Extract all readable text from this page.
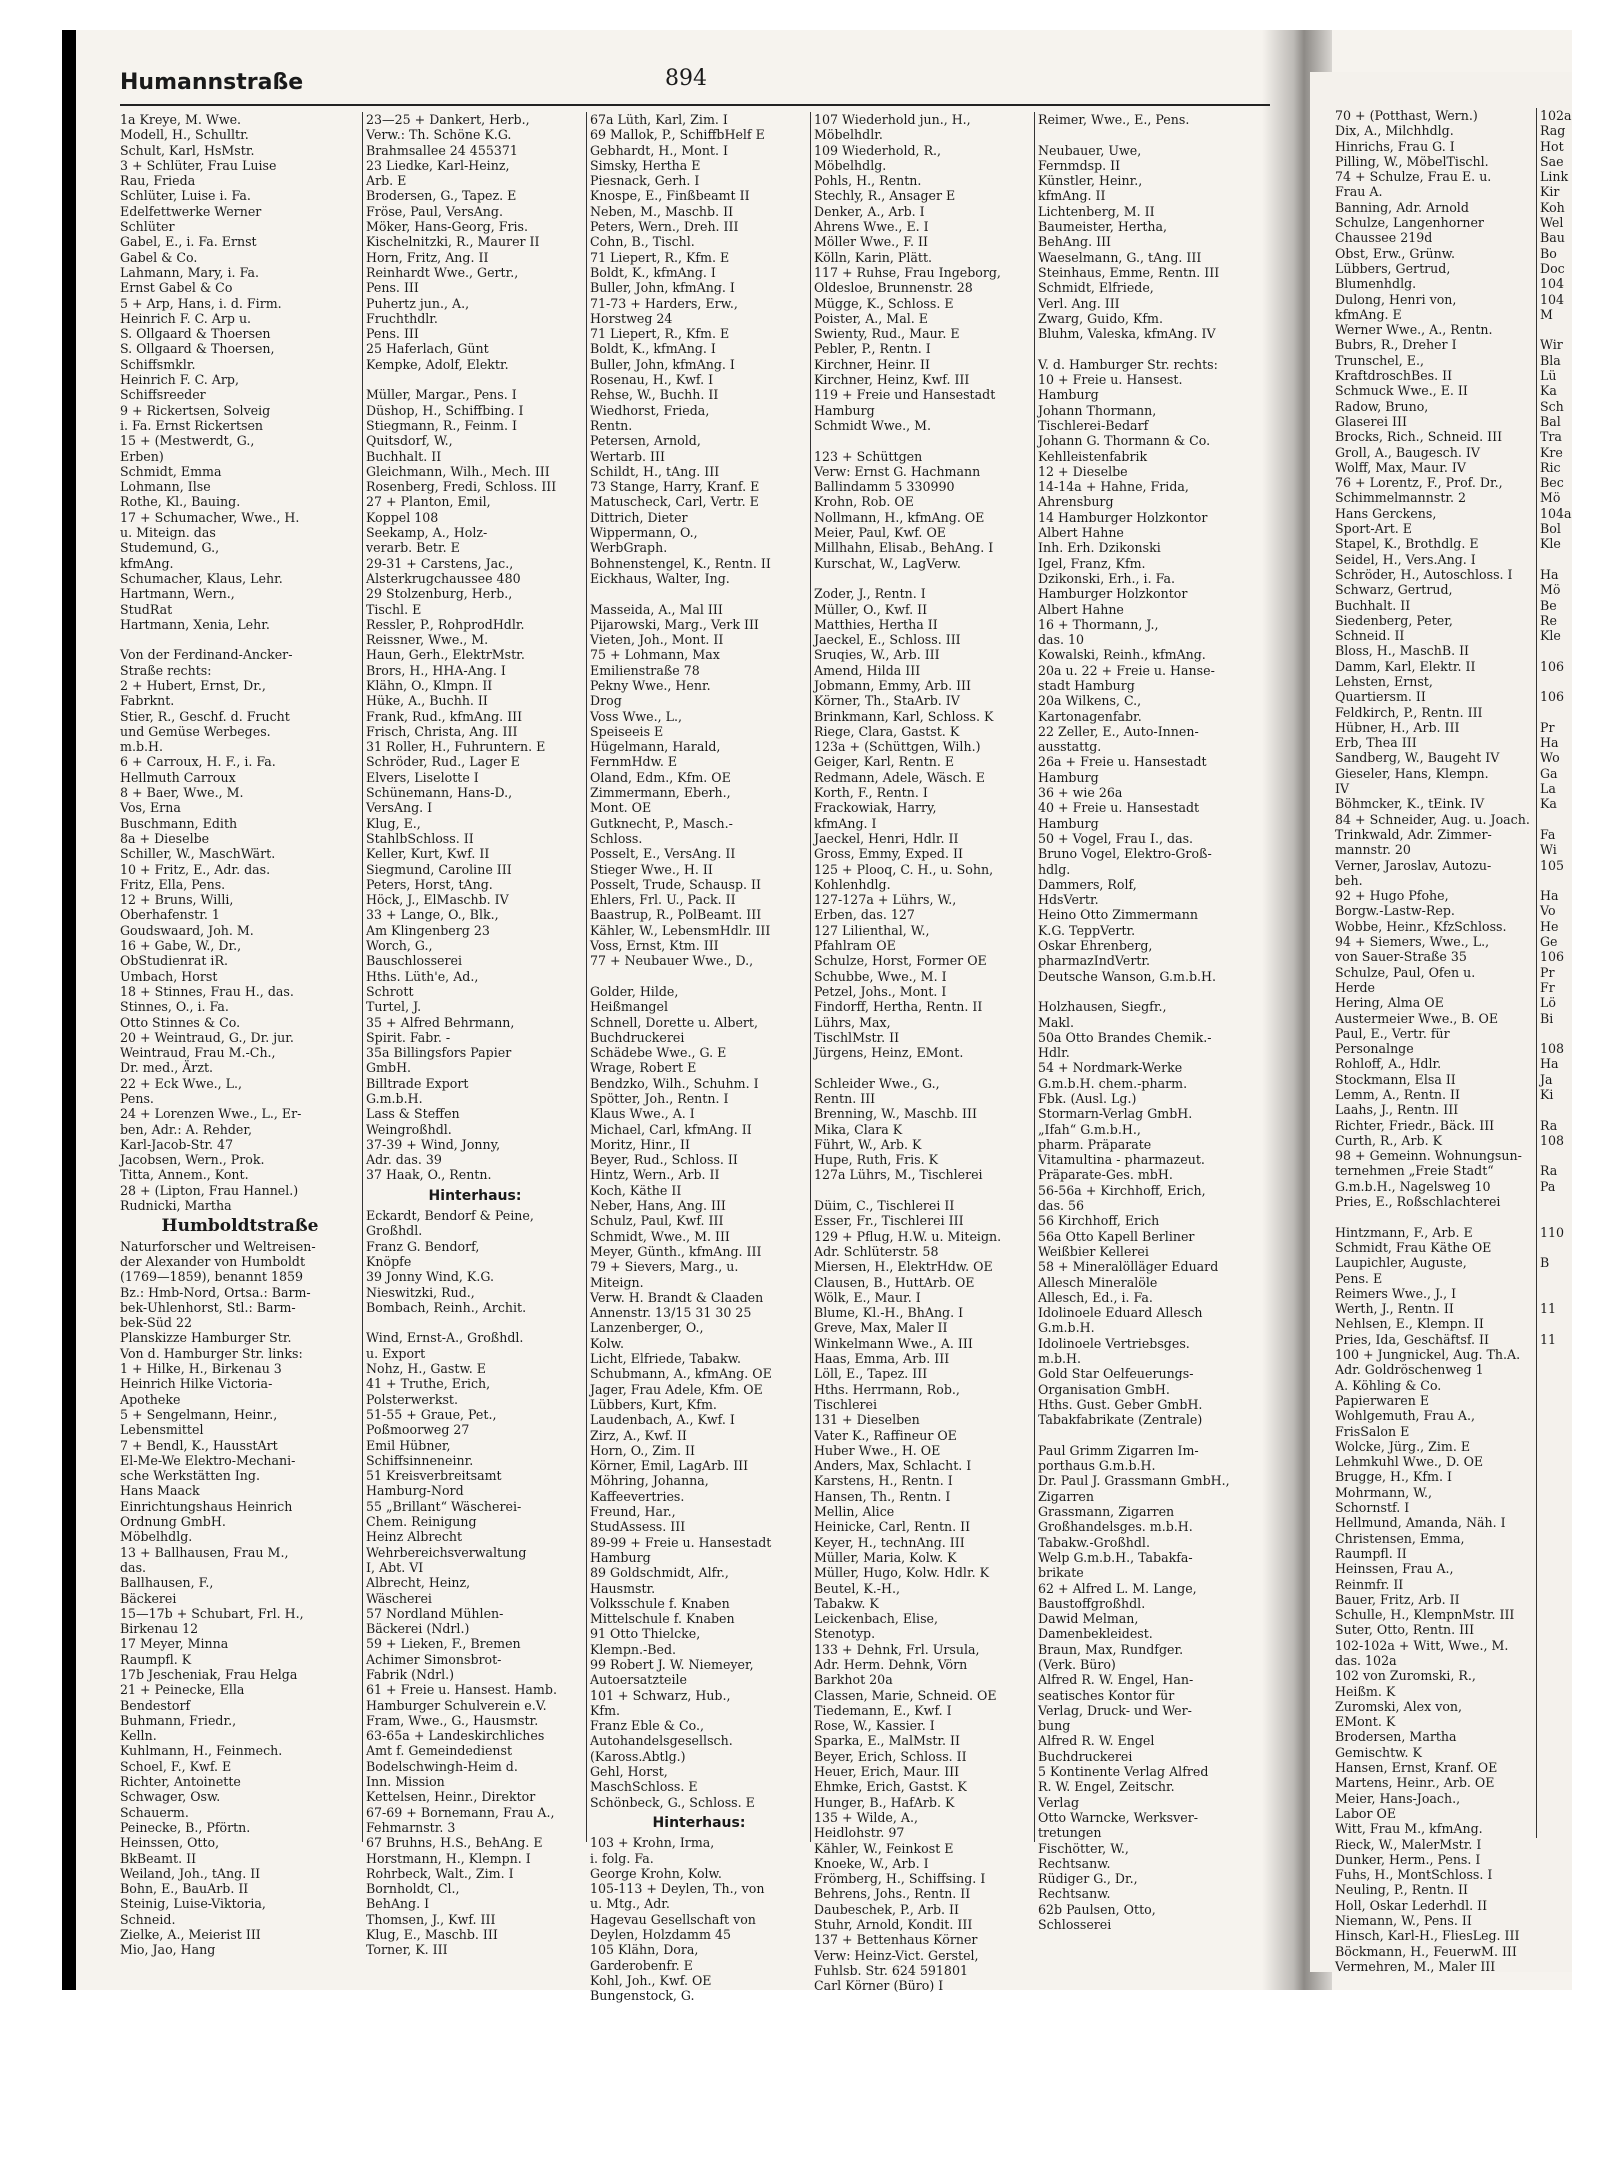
Humannstraße	894
1a Kreye, M. Wwe.
Modell, H., Schulltr.
Schult, Karl, HsMstr.
3 + Schlüter, Frau Luise
Rau, Frieda
Schlüter, Luise i. Fa.
Edelfettwerke Werner
Schlüter
Gabel, E., i. Fa. Ernst
Gabel & Co.
Lahmann, Mary, i. Fa.
Ernst Gabel & Co
5 + Arp, Hans, i. d. Firm.
Heinrich F. C. Arp u.
S. Ollgaard & Thoersen
S. Ollgaard & Thoersen,
Schiffsmklr.
Heinrich F. C. Arp,
Schiffsreeder
9 + Rickertsen, Solveig
i. Fa. Ernst Rickertsen
15 + (Mestwerdt, G.,
Erben)
Schmidt, Emma
Lohmann, Ilse
Rothe, Kl., Bauing.
17 + Schumacher, Wwe., H.
u. Miteign. das
Studemund, G.,
kfmAng.
Schumacher, Klaus, Lehr.
Hartmann, Wern.,
StudRat
Hartmann, Xenia, Lehr.

Von der Ferdinand-Ancker-
Straße rechts:
2 + Hubert, Ernst, Dr.,
Fabrknt.
Stier, R., Geschf. d. Frucht
und Gemüse Werbeges.
m.b.H.
6 + Carroux, H. F., i. Fa.
Hellmuth Carroux
8 + Baer, Wwe., M.
Vos, Erna
Buschmann, Edith
8a + Dieselbe
Schiller, W., MaschWärt.
10 + Fritz, E., Adr. das.
Fritz, Ella, Pens.
12 + Bruns, Willi,
Oberhafenstr. 1
Goudswaard, Joh. M.
16 + Gabe, W., Dr.,
ObStudienrat iR.
Umbach, Horst
18 + Stinnes, Frau H., das.
Stinnes, O., i. Fa.
Otto Stinnes & Co.
20 + Weintraud, G., Dr. jur.
Weintraud, Frau M.-Ch.,
Dr. med., Ärzt.
22 + Eck Wwe., L.,
Pens.
24 + Lorenzen Wwe., L., Er-
ben, Adr.: A. Rehder,
Karl-Jacob-Str. 47
Jacobsen, Wern., Prok.
Titta, Annem., Kont.
28 + (Lipton, Frau Hannel.)
Rudnicki, Martha
Humboldtstraße
Naturforscher und Weltreisen-
der Alexander von Humboldt
(1769—1859), benannt 1859
Bz.: Hmb-Nord, Ortsa.: Barm-
bek-Uhlenhorst, Stl.: Barm-
bek-Süd 22
Planskizze Hamburger Str.
Von d. Hamburger Str. links:
1 + Hilke, H., Birkenau 3
Heinrich Hilke Victoria-
Apotheke
5 + Sengelmann, Heinr.,
Lebensmittel
7 + Bendl, K., HausstArt
El-Me-We Elektro-Mechani-
sche Werkstätten Ing.
Hans Maack
Einrichtungshaus Heinrich
Ordnung GmbH.
Möbelhdlg.
13 + Ballhausen, Frau M.,
das.
Ballhausen, F.,
Bäckerei
15—17b + Schubart, Frl. H.,
Birkenau 12
17 Meyer, Minna
Raumpfl. K
17b Jescheniak, Frau Helga
21 + Peinecke, Ella
Bendestorf
Buhmann, Friedr.,
Kelln.
Kuhlmann, H., Feinmech.
Schoel, F., Kwf. E
Richter, Antoinette
Schwager, Osw.
Schauerm.
Peinecke, B., Pförtn.
Heinssen, Otto,
BkBeamt. II
Weiland, Joh., tAng. II
Bohn, E., BauArb. II
Steinig, Luise-Viktoria,
Schneid.
Zielke, A., Meierist III
Mio, Jao, Hang
23—25 + Dankert, Herb.,
Verw.: Th. Schöne K.G.
Brahmsallee 24 455371
23 Liedke, Karl-Heinz,
Arb. E
Brodersen, G., Tapez. E
Fröse, Paul, VersAng.
Möker, Hans-Georg, Fris.
Kischelnitzki, R., Maurer II
Horn, Fritz, Ang. II
Reinhardt Wwe., Gertr.,
Pens. III
Puhertz jun., A.,
Fruchthdlr.
Pens. III
25 Haferlach, Günt
Kempke, Adolf, Elektr.

Müller, Margar., Pens. I
Düshop, H., Schiffbing. I
Stiegmann, R., Feinm. I
Quitsdorf, W.,
Buchhalt. II
Gleichmann, Wilh., Mech. III
Rosenberg, Fredi, Schloss. III
27 + Planton, Emil,
Koppel 108
Seekamp, A., Holz-
verarb. Betr. E
29-31 + Carstens, Jac.,
Alsterkrugchaussee 480
29 Stolzenburg, Herb.,
Tischl. E
Ressler, P., RohprodHdlr.
Reissner, Wwe., M.
Haun, Gerh., ElektrMstr.
Brors, H., HHA-Ang. I
Klähn, O., Klmpn. II
Hüke, A., Buchh. II
Frank, Rud., kfmAng. III
Frisch, Christa, Ang. III
31 Roller, H., Fuhruntern. E
Schröder, Rud., Lager E
Elvers, Liselotte I
Schünemann, Hans-D.,
VersAng. I
Klug, E.,
StahlbSchloss. II
Keller, Kurt, Kwf. II
Siegmund, Caroline III
Peters, Horst, tAng.
Höck, J., ElMaschb. IV
33 + Lange, O., Blk.,
Am Klingenberg 23
Worch, G.,
Bauschlosserei
Hths. Lüth'e, Ad.,
Schrott
Turtel, J.
35 + Alfred Behrmann,
Spirit. Fabr. -
35a Billingsfors Papier
GmbH.
Billtrade Export
G.m.b.H.
Lass & Steffen
Weingroßhdl.
37-39 + Wind, Jonny,
Adr. das. 39
37 Haak, O., Rentn.
Hinterhaus:
Eckardt, Bendorf & Peine,
Großhdl.
Franz G. Bendorf,
Knöpfe
39 Jonny Wind, K.G.
Nieswitzki, Rud.,
Bombach, Reinh., Archit.

Wind, Ernst-A., Großhdl.
u. Export
Nohz, H., Gastw. E
41 + Truthe, Erich,
Polsterwerkst.
51-55 + Graue, Pet.,
Poßmoorweg 27
Emil Hübner,
Schiffsinneneinr.
51 Kreisverbreitsamt
Hamburg-Nord
55 „Brillant“ Wäscherei-
Chem. Reinigung
Heinz Albrecht
Wehrbereichsverwaltung
I, Abt. VI
Albrecht, Heinz,
Wäscherei
57 Nordland Mühlen-
Bäckerei (Ndrl.)
59 + Lieken, F., Bremen
Achimer Simonsbrot-
Fabrik (Ndrl.)
61 + Freie u. Hansest. Hamb.
Hamburger Schulverein e.V.
Fram, Wwe., G., Hausmstr.
63-65a + Landeskirchliches
Amt f. Gemeindedienst
Bodelschwingh-Heim d.
Inn. Mission
Kettelsen, Heinr., Direktor
67-69 + Bornemann, Frau A.,
Fehmarnstr. 3
67 Bruhns, H.S., BehAng. E
Horstmann, H., Klempn. I
Rohrbeck, Walt., Zim. I
Bornholdt, Cl.,
BehAng. I
Thomsen, J., Kwf. III
Klug, E., Maschb. III
Torner, K. III
67a Lüth, Karl, Zim. I
69 Mallok, P., SchiffbHelf E
Gebhardt, H., Mont. I
Simsky, Hertha E
Piesnack, Gerh. I
Knospe, E., Finßbeamt II
Neben, M., Maschb. II
Peters, Wern., Dreh. III
Cohn, B., Tischl.
71 Liepert, R., Kfm. E
Boldt, K., kfmAng. I
Buller, John, kfmAng. I
71-73 + Harders, Erw.,
Horstweg 24
71 Liepert, R., Kfm. E
Boldt, K., kfmAng. I
Buller, John, kfmAng. I
Rosenau, H., Kwf. I
Rehse, W., Buchh. II
Wiedhorst, Frieda,
Rentn.
Petersen, Arnold,
Wertarb. III
Schildt, H., tAng. III
73 Stange, Harry, Kranf. E
Matuscheck, Carl, Vertr. E
Dittrich, Dieter
Wippermann, O.,
WerbGraph.
Bohnenstengel, K., Rentn. II
Eickhaus, Walter, Ing.

Masseida, A., Mal III
Pijarowski, Marg., Verk III
Vieten, Joh., Mont. II
75 + Lohmann, Max
Emilienstraße 78
Pekny Wwe., Henr.
Drog
Voss Wwe., L.,
Speiseeis E
Hügelmann, Harald,
FernmHdw. E
Oland, Edm., Kfm. OE
Zimmermann, Eberh.,
Mont. OE
Gutknecht, P., Masch.-
Schloss.
Posselt, E., VersAng. II
Stieger Wwe., H. II
Posselt, Trude, Schausp. II
Ehlers, Frl. U., Pack. II
Baastrup, R., PolBeamt. III
Kähler, W., LebensmHdlr. III
Voss, Ernst, Ktm. III
77 + Neubauer Wwe., D.,

Golder, Hilde,
Heißmangel
Schnell, Dorette u. Albert,
Buchdruckerei
Schädebe Wwe., G. E
Wrage, Robert E
Bendzko, Wilh., Schuhm. I
Spötter, Joh., Rentn. I
Klaus Wwe., A. I
Michael, Carl, kfmAng. II
Moritz, Hinr., II
Beyer, Rud., Schloss. II
Hintz, Wern., Arb. II
Koch, Käthe II
Neber, Hans, Ang. III
Schulz, Paul, Kwf. III
Schmidt, Wwe., M. III
Meyer, Günth., kfmAng. III
79 + Sievers, Marg., u.
Miteign.
Verw. H. Brandt & Claaden
Annenstr. 13/15 31 30 25
Lanzenberger, O.,
Kolw.
Licht, Elfriede, Tabakw.
Schubmann, A., kfmAng. OE
Jager, Frau Adele, Kfm. OE
Lübbers, Kurt, Kfm.
Laudenbach, A., Kwf. I
Zirz, A., Kwf. II
Horn, O., Zim. II
Körner, Emil, LagArb. III
Möhring, Johanna,
Kaffeevertries.
Freund, Har.,
StudAssess. III
89-99 + Freie u. Hansestadt
Hamburg
89 Goldschmidt, Alfr.,
Hausmstr.
Volksschule f. Knaben
Mittelschule f. Knaben
91 Otto Thielcke,
Klempn.-Bed.
99 Robert J. W. Niemeyer,
Autoersatzteile
101 + Schwarz, Hub.,
Kfm.
Franz Eble & Co.,
Autohandelsgesellsch.
(Kaross.Abtlg.)
Gehl, Horst,
MaschSchloss. E
Schönbeck, G., Schloss. E
Hinterhaus:
103 + Krohn, Irma,
i. folg. Fa.
George Krohn, Kolw.
105-113 + Deylen, Th., von
u. Mtg., Adr.
Hagevau Gesellschaft von
Deylen, Holzdamm 45
105 Klähn, Dora,
Garderobenfr. E
Kohl, Joh., Kwf. OE
Bungenstock, G.
107 Wiederhold jun., H.,
Möbelhdlr.
109 Wiederhold, R.,
Möbelhdlg.
Pohls, H., Rentn.
Stechly, R., Ansager E
Denker, A., Arb. I
Ahrens Wwe., E. I
Möller Wwe., F. II
Kölln, Karin, Plätt.
117 + Ruhse, Frau Ingeborg,
Oldesloe, Brunnenstr. 28
Mügge, K., Schloss. E
Poister, A., Mal. E
Swienty, Rud., Maur. E
Pebler, P., Rentn. I
Kirchner, Heinr. II
Kirchner, Heinz, Kwf. III
119 + Freie und Hansestadt
Hamburg
Schmidt Wwe., M.

123 + Schüttgen
Verw: Ernst G. Hachmann
Ballindamm 5 330990
Krohn, Rob. OE
Nollmann, H., kfmAng. OE
Meier, Paul, Kwf. OE
Millhahn, Elisab., BehAng. I
Kurschat, W., LagVerw.

Zoder, J., Rentn. I
Müller, O., Kwf. II
Matthies, Hertha II
Jaeckel, E., Schloss. III
Sruqies, W., Arb. III
Amend, Hilda III
Jobmann, Emmy, Arb. III
Körner, Th., StaArb. IV
Brinkmann, Karl, Schloss. K
Riege, Clara, Gastst. K
123a + (Schüttgen, Wilh.)
Geiger, Karl, Rentn. E
Redmann, Adele, Wäsch. E
Korth, F., Rentn. I
Frackowiak, Harry,
kfmAng. I
Jaeckel, Henri, Hdlr. II
Gross, Emmy, Exped. II
125 + Plooq, C. H., u. Sohn,
Kohlenhdlg.
127-127a + Lührs, W.,
Erben, das. 127
127 Lilienthal, W.,
Pfahlram OE
Schulze, Horst, Former OE
Schubbe, Wwe., M. I
Petzel, Johs., Mont. I
Findorff, Hertha, Rentn. II
Lührs, Max,
TischlMstr. II
Jürgens, Heinz, EMont.

Schleider Wwe., G.,
Rentn. III
Brenning, W., Maschb. III
Mika, Clara K
Führt, W., Arb. K
Hupe, Ruth, Fris. K
127a Lührs, M., Tischlerei

Düim, C., Tischlerei II
Esser, Fr., Tischlerei III
129 + Pflug, H.W. u. Miteign.
Adr. Schlüterstr. 58
Miersen, H., ElektrHdw. OE
Clausen, B., HuttArb. OE
Wölk, E., Maur. I
Blume, Kl.-H., BhAng. I
Greve, Max, Maler II
Winkelmann Wwe., A. III
Haas, Emma, Arb. III
Löll, E., Tapez. III
Hths. Herrmann, Rob.,
Tischlerei
131 + Dieselben
Vater K., Raffineur OE
Huber Wwe., H. OE
Anders, Max, Schlacht. I
Karstens, H., Rentn. I
Hansen, Th., Rentn. I
Mellin, Alice
Heinicke, Carl, Rentn. II
Keyer, H., technAng. III
Müller, Maria, Kolw. K
Müller, Hugo, Kolw. Hdlr. K
Beutel, K.-H.,
Tabakw. K
Leickenbach, Elise,
Stenotyp.
133 + Dehnk, Frl. Ursula,
Adr. Herm. Dehnk, Vörn
Barkhot 20a
Classen, Marie, Schneid. OE
Tiedemann, E., Kwf. I
Rose, W., Kassier. I
Sparka, E., MalMstr. II
Beyer, Erich, Schloss. II
Heuer, Erich, Maur. III
Ehmke, Erich, Gastst. K
Hunger, B., HafArb. K
135 + Wilde, A.,
Heidlohstr. 97
Kähler, W., Feinkost E
Knoeke, W., Arb. I
Frömberg, H., Schiffsing. I
Behrens, Johs., Rentn. II
Daubeschek, P., Arb. II
Stuhr, Arnold, Kondit. III
137 + Bettenhaus Körner
Verw: Heinz-Vict. Gerstel,
Fuhlsb. Str. 624 591801
Carl Körner (Büro) I
Reimer, Wwe., E., Pens.

Neubauer, Uwe,
Fernmdsp. II
Künstler, Heinr.,
kfmAng. II
Lichtenberg, M. II
Baumeister, Hertha,
BehAng. III
Waeselmann, G., tAng. III
Steinhaus, Emme, Rentn. III
Schmidt, Elfriede,
Verl. Ang. III
Zwarg, Guido, Kfm.
Bluhm, Valeska, kfmAng. IV

V. d. Hamburger Str. rechts:
10 + Freie u. Hansest.
Hamburg
Johann Thormann,
Tischlerei-Bedarf
Johann G. Thormann & Co.
Kehlleistenfabrik
12 + Dieselbe
14-14a + Hahne, Frida,
Ahrensburg
14 Hamburger Holzkontor
Albert Hahne
Inh. Erh. Dzikonski
Igel, Franz, Kfm.
Dzikonski, Erh., i. Fa.
Hamburger Holzkontor
Albert Hahne
16 + Thormann, J.,
das. 10
Kowalski, Reinh., kfmAng.
20a u. 22 + Freie u. Hanse-
stadt Hamburg
20a Wilkens, C.,
Kartonagenfabr.
22 Zeller, E., Auto-Innen-
ausstattg.
26a + Freie u. Hansestadt
Hamburg
36 + wie 26a
40 + Freie u. Hansestadt
Hamburg
50 + Vogel, Frau I., das.
Bruno Vogel, Elektro-Groß-
hdlg.
Dammers, Rolf,
HdsVertr.
Heino Otto Zimmermann
K.G. TeppVertr.
Oskar Ehrenberg,
pharmazIndVertr.
Deutsche Wanson, G.m.b.H.

Holzhausen, Siegfr.,
Makl.
50a Otto Brandes Chemik.-
Hdlr.
54 + Nordmark-Werke
G.m.b.H. chem.-pharm.
Fbk. (Ausl. Lg.)
Stormarn-Verlag GmbH.
„Ifah“ G.m.b.H.,
pharm. Präparate
Vitamultina - pharmazeut.
Präparate-Ges. mbH.
56-56a + Kirchhoff, Erich,
das. 56
56 Kirchhoff, Erich
56a Otto Kapell Berliner
Weißbier Kellerei
58 + Mineralölläger Eduard
Allesch Mineralöle
Allesch, Ed., i. Fa.
Idolinoele Eduard Allesch
G.m.b.H.
Idolinoele Vertriebsges.
m.b.H.
Gold Star Oelfeuerungs-
Organisation GmbH.
Hths. Gust. Geber GmbH.
Tabakfabrikate (Zentrale)

Paul Grimm Zigarren Im-
porthaus G.m.b.H.
Dr. Paul J. Grassmann GmbH.,
Zigarren
Grassmann, Zigarren
Großhandelsges. m.b.H.
Tabakw.-Großhdl.
Welp G.m.b.H., Tabakfa-
brikate
62 + Alfred L. M. Lange,
Baustoffgroßhdl.
Dawid Melman,
Damenbekleidest.
Braun, Max, Rundfger.
(Verk. Büro)
Alfred R. W. Engel, Han-
seatisches Kontor für
Verlag, Druck- und Wer-
bung
Alfred R. W. Engel
Buchdruckerei
5 Kontinente Verlag Alfred
R. W. Engel, Zeitschr.
Verlag
Otto Warncke, Werksver-
tretungen
Fischötter, W.,
Rechtsanw.
Rüdiger G., Dr.,
Rechtsanw.
62b Paulsen, Otto,
Schlosserei
70 + (Potthast, Wern.)
Dix, A., Milchhdlg.
Hinrichs, Frau G. I
Pilling, W., MöbelTischl.
74 + Schulze, Frau E. u.
Frau A.
Banning, Adr. Arnold
Schulze, Langenhorner
Chaussee 219d
Obst, Erw., Grünw.
Lübbers, Gertrud,
Blumenhdlg.
Dulong, Henri von,
kfmAng. E
Werner Wwe., A., Rentn.
Bubrs, R., Dreher I
Trunschel, E.,
KraftdroschBes. II
Schmuck Wwe., E. II
Radow, Bruno,
Glaserei III
Brocks, Rich., Schneid. III
Groll, A., Baugesch. IV
Wolff, Max, Maur. IV
76 + Lorentz, F., Prof. Dr.,
Schimmelmannstr. 2
Hans Gerckens,
Sport-Art. E
Stapel, K., Brothdlg. E
Seidel, H., Vers.Ang. I
Schröder, H., Autoschloss. I
Schwarz, Gertrud,
Buchhalt. II
Siedenberg, Peter,
Schneid. II
Bloss, H., MaschB. II
Damm, Karl, Elektr. II
Lehsten, Ernst,
Quartiersm. II
Feldkirch, P., Rentn. III
Hübner, H., Arb. III
Erb, Thea III
Sandberg, W., Baugeht IV
Gieseler, Hans, Klempn.
IV
Böhmcker, K., tEink. IV
84 + Schneider, Aug. u. Joach.
Trinkwald, Adr. Zimmer-
mannstr. 20
Verner, Jaroslav, Autozu-
beh.
92 + Hugo Pfohe,
Borgw.-Lastw-Rep.
Wobbe, Heinr., KfzSchloss.
94 + Siemers, Wwe., L.,
von Sauer-Straße 35
Schulze, Paul, Ofen u.
Herde
Hering, Alma OE
Austermeier Wwe., B. OE
Paul, E., Vertr. für
Personalnge
Rohloff, A., Hdlr.
Stockmann, Elsa II
Lemm, A., Rentn. II
Laahs, J., Rentn. III
Richter, Friedr., Bäck. III
Curth, R., Arb. K
98 + Gemeinn. Wohnungsun-
ternehmen „Freie Stadt“
G.m.b.H., Nagelsweg 10
Pries, E., Roßschlachterei

Hintzmann, F., Arb. E
Schmidt, Frau Käthe OE
Laupichler, Auguste,
Pens. E
Reimers Wwe., J., I
Werth, J., Rentn. II
Nehlsen, E., Klempn. II
Pries, Ida, Geschäftsf. II
100 + Jungnickel, Aug. Th.A.
Adr. Goldröschenweg 1
A. Köhling & Co.
Papierwaren E
Wohlgemuth, Frau A.,
FrisSalon E
Wolcke, Jürg., Zim. E
Lehmkuhl Wwe., D. OE
Brugge, H., Kfm. I
Mohrmann, W.,
Schornstf. I
Hellmund, Amanda, Näh. I
Christensen, Emma,
Raumpfl. II
Heinssen, Frau A.,
Reinmfr. II
Bauer, Fritz, Arb. II
Schulle, H., KlempnMstr. III
Suter, Otto, Rentn. III
102-102a + Witt, Wwe., M.
das. 102a
102 von Zuromski, R.,
Heißm. K
Zuromski, Alex von,
EMont. K
Brodersen, Martha
Gemischtw. K
Hansen, Ernst, Kranf. OE
Martens, Heinr., Arb. OE
Meier, Hans-Joach.,
Labor OE
Witt, Frau M., kfmAng.
Rieck, W., MalerMstr. I
Dunker, Herm., Pens. I
Fuhs, H., MontSchloss. I
Neuling, P., Rentn. II
Holl, Oskar Lederhdl. II
Niemann, W., Pens. II
Hinsch, Karl-H., FliesLeg. III
Böckmann, H., FeuerwM. III
Vermehren, M., Maler III
102a
Rag
Hot
Sae
Link
Kir
Koh
Wel
Bau
Bo
Doc
104
104
M

Wir
Bla
Lü
Ka
Sch
Bal
Tra
Kre
Ric
Bec
Mö
104a
Bol
Kle

Ha
Mö
Be
Re
Kle

106

106

Pr
Ha
Wo
Ga
La
Ka

Fa
Wi
105

Ha
Vo
He
Ge
106
Pr
Fr
Lö
Bi

108
Ha
Ja
Ki

Ra
108

Ra
Pa

110

B

11

11
